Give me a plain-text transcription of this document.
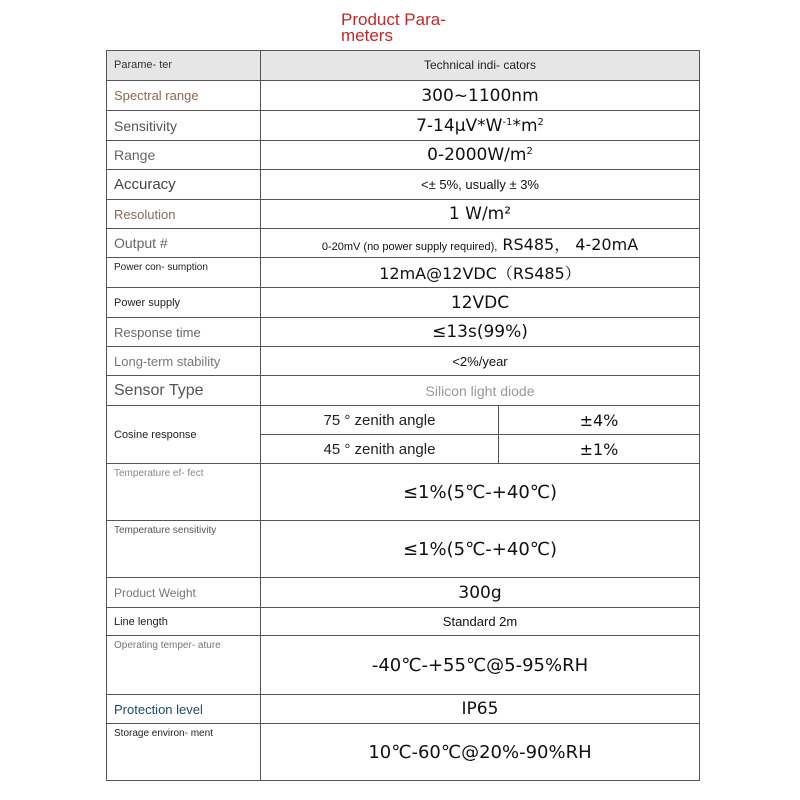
Product Para-
meters
Parame- ter	Technical indi- cators	
Spectral range	300~1100nm	
Sensitivity	$7-14\mu V*W^{-1}*m^2$
Range	$0-2000W/m^2$
Accuracy	<± 5%, usually ± 3%	
Resolution	1 W/m²	
Output #	0-20mV (no power supply required), RS485， 4-20mA	
Power con- sumption	12mA@12VDC（RS485）	
Power supply	12VDC	
Response time	≤13s(99%)	
Long-term stability	<2%/year	
Sensor Type	Silicon light diode	
Cosine response	75 ° zenith angle	±4%
	45 ° zenith angle	±1%
Temperature ef- fect	≤1%(5℃-+40℃)	
Temperature sensitivity	≤1%(5℃-+40℃)	
Product Weight	300g	
Line length	Standard 2m	
Operating temper- ature	-40℃-+55℃@5-95%RH	
Protection level	IP65	
Storage environ- ment	10℃-60℃@20%-90%RH	
